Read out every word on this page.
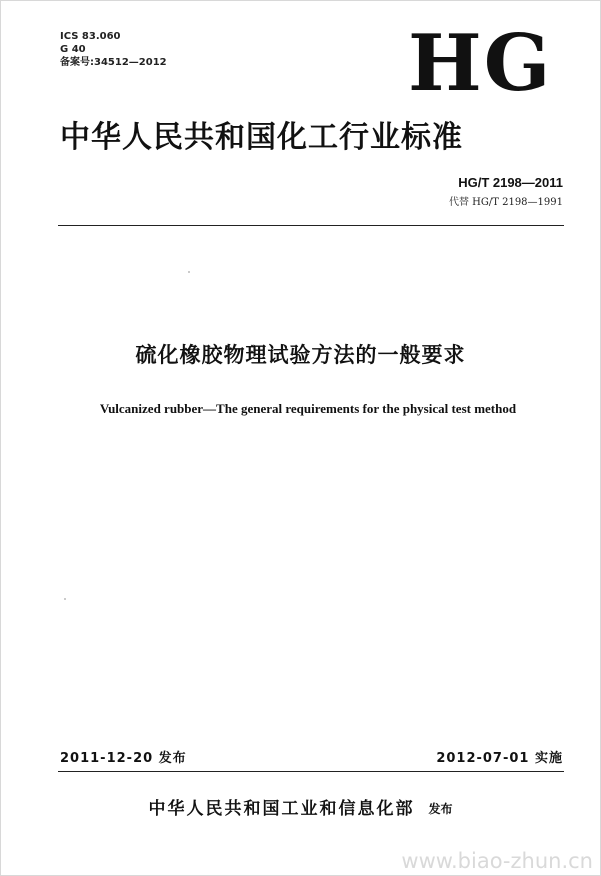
ICS 83.060
G 40
备案号:34512—2012	HG
中华人民共和国化工行业标准
HG/T 2198—2011
代替 HG/T 2198—1991
硫化橡胶物理试验方法的一般要求
Vulcanized rubber—The general requirements for the physical test method
2011-12-20 发布	2012-07-01 实施
中华人民共和国工业和信息化部 发布
www.biao-zhun.cn
